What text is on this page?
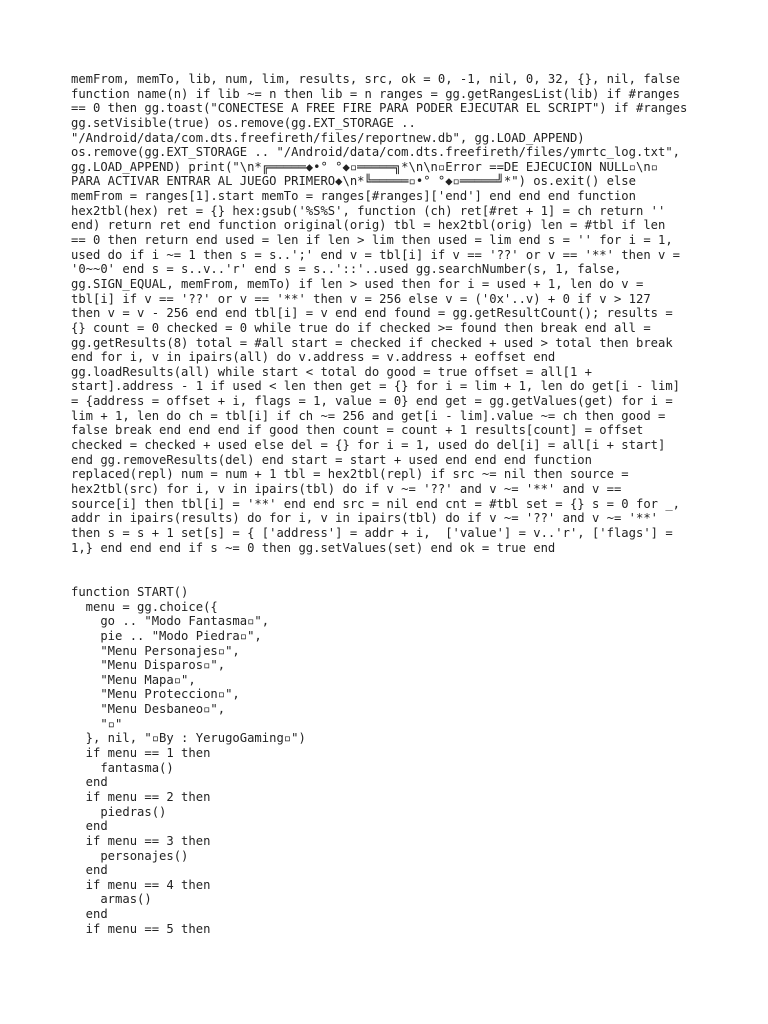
memFrom, memTo, lib, num, lim, results, src, ok = 0, -1, nil, 0, 32, {}, nil, false
function name(n) if lib ~= n then lib = n ranges = gg.getRangesList(lib) if #ranges
== 0 then gg.toast("CONECTESE A FREE FIRE PARA PODER EJECUTAR EL SCRIPT") if #ranges
gg.setVisible(true) os.remove(gg.EXT_STORAGE ..
"/Android/data/com.dts.freefireth/files/reportnew.db", gg.LOAD_APPEND)
os.remove(gg.EXT_STORAGE .. "/Android/data/com.dts.freefireth/files/ymrtc_log.txt",
gg.LOAD_APPEND) print("\n*╔═════◆•° °◆▫═════╗*\n\n▫Error ==DE EJECUCION NULL▫\n▫
PARA ACTIVAR ENTRAR AL JUEGO PRIMERO◆\n*╚═════▫•° °◆▫═════╝*") os.exit() else
memFrom = ranges[1].start memTo = ranges[#ranges]['end'] end end end function
hex2tbl(hex) ret = {} hex:gsub('%S%S', function (ch) ret[#ret + 1] = ch return ''
end) return ret end function original(orig) tbl = hex2tbl(orig) len = #tbl if len
== 0 then return end used = len if len > lim then used = lim end s = '' for i = 1,
used do if i ~= 1 then s = s..';' end v = tbl[i] if v == '??' or v == '**' then v =
'0~~0' end s = s..v..'r' end s = s..'::'..used gg.searchNumber(s, 1, false,
gg.SIGN_EQUAL, memFrom, memTo) if len > used then for i = used + 1, len do v =
tbl[i] if v == '??' or v == '**' then v = 256 else v = ('0x'..v) + 0 if v > 127
then v = v - 256 end end tbl[i] = v end end found = gg.getResultCount(); results =
{} count = 0 checked = 0 while true do if checked >= found then break end all =
gg.getResults(8) total = #all start = checked if checked + used > total then break
end for i, v in ipairs(all) do v.address = v.address + eoffset end
gg.loadResults(all) while start < total do good = true offset = all[1 +
start].address - 1 if used < len then get = {} for i = lim + 1, len do get[i - lim]
= {address = offset + i, flags = 1, value = 0} end get = gg.getValues(get) for i =
lim + 1, len do ch = tbl[i] if ch ~= 256 and get[i - lim].value ~= ch then good =
false break end end end if good then count = count + 1 results[count] = offset
checked = checked + used else del = {} for i = 1, used do del[i] = all[i + start]
end gg.removeResults(del) end start = start + used end end end function
replaced(repl) num = num + 1 tbl = hex2tbl(repl) if src ~= nil then source =
hex2tbl(src) for i, v in ipairs(tbl) do if v ~= '??' and v ~= '**' and v ==
source[i] then tbl[i] = '**' end end src = nil end cnt = #tbl set = {} s = 0 for _,
addr in ipairs(results) do for i, v in ipairs(tbl) do if v ~= '??' and v ~= '**'
then s = s + 1 set[s] = { ['address'] = addr + i,  ['value'] = v..'r', ['flags'] =
1,} end end end if s ~= 0 then gg.setValues(set) end ok = true end
function START()
menu = gg.choice({
go .. "Modo Fantasma▫",
pie .. "Modo Piedra▫",
"Menu Personajes▫",
"Menu Disparos▫",
"Menu Mapa▫",
"Menu Proteccion▫",
"Menu Desbaneo▫",
"▫"
}, nil, "▫By : YerugoGaming▫")
if menu == 1 then
fantasma()
end
if menu == 2 then
piedras()
end
if menu == 3 then
personajes()
end
if menu == 4 then
armas()
end
if menu == 5 then
